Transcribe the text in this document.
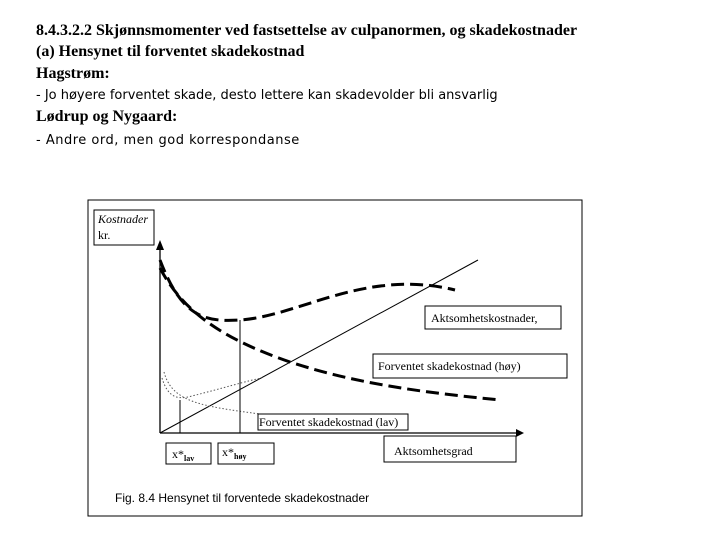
8.4.3.2.2 Skjønnsmomenter ved fastsettelse av culpanormen, og skadekostnader
(a) Hensynet til forventet skadekostnad
Hagstrøm:
- Jo høyere forventet skade, desto lettere kan skadevolder bli ansvarlig
Lødrup og Nygaard:
- Andre ord, men god korrespondanse
Kostnader
kr.
Aktsomhetskostnader,
Forventet skadekostnad (høy)
Forventet skadekostnad (lav)
$x*_{lav}$ $x*_{høy}$	Aktsomhetsgrad
Fig. 8.4 Hensynet til forventede skadekostnader
